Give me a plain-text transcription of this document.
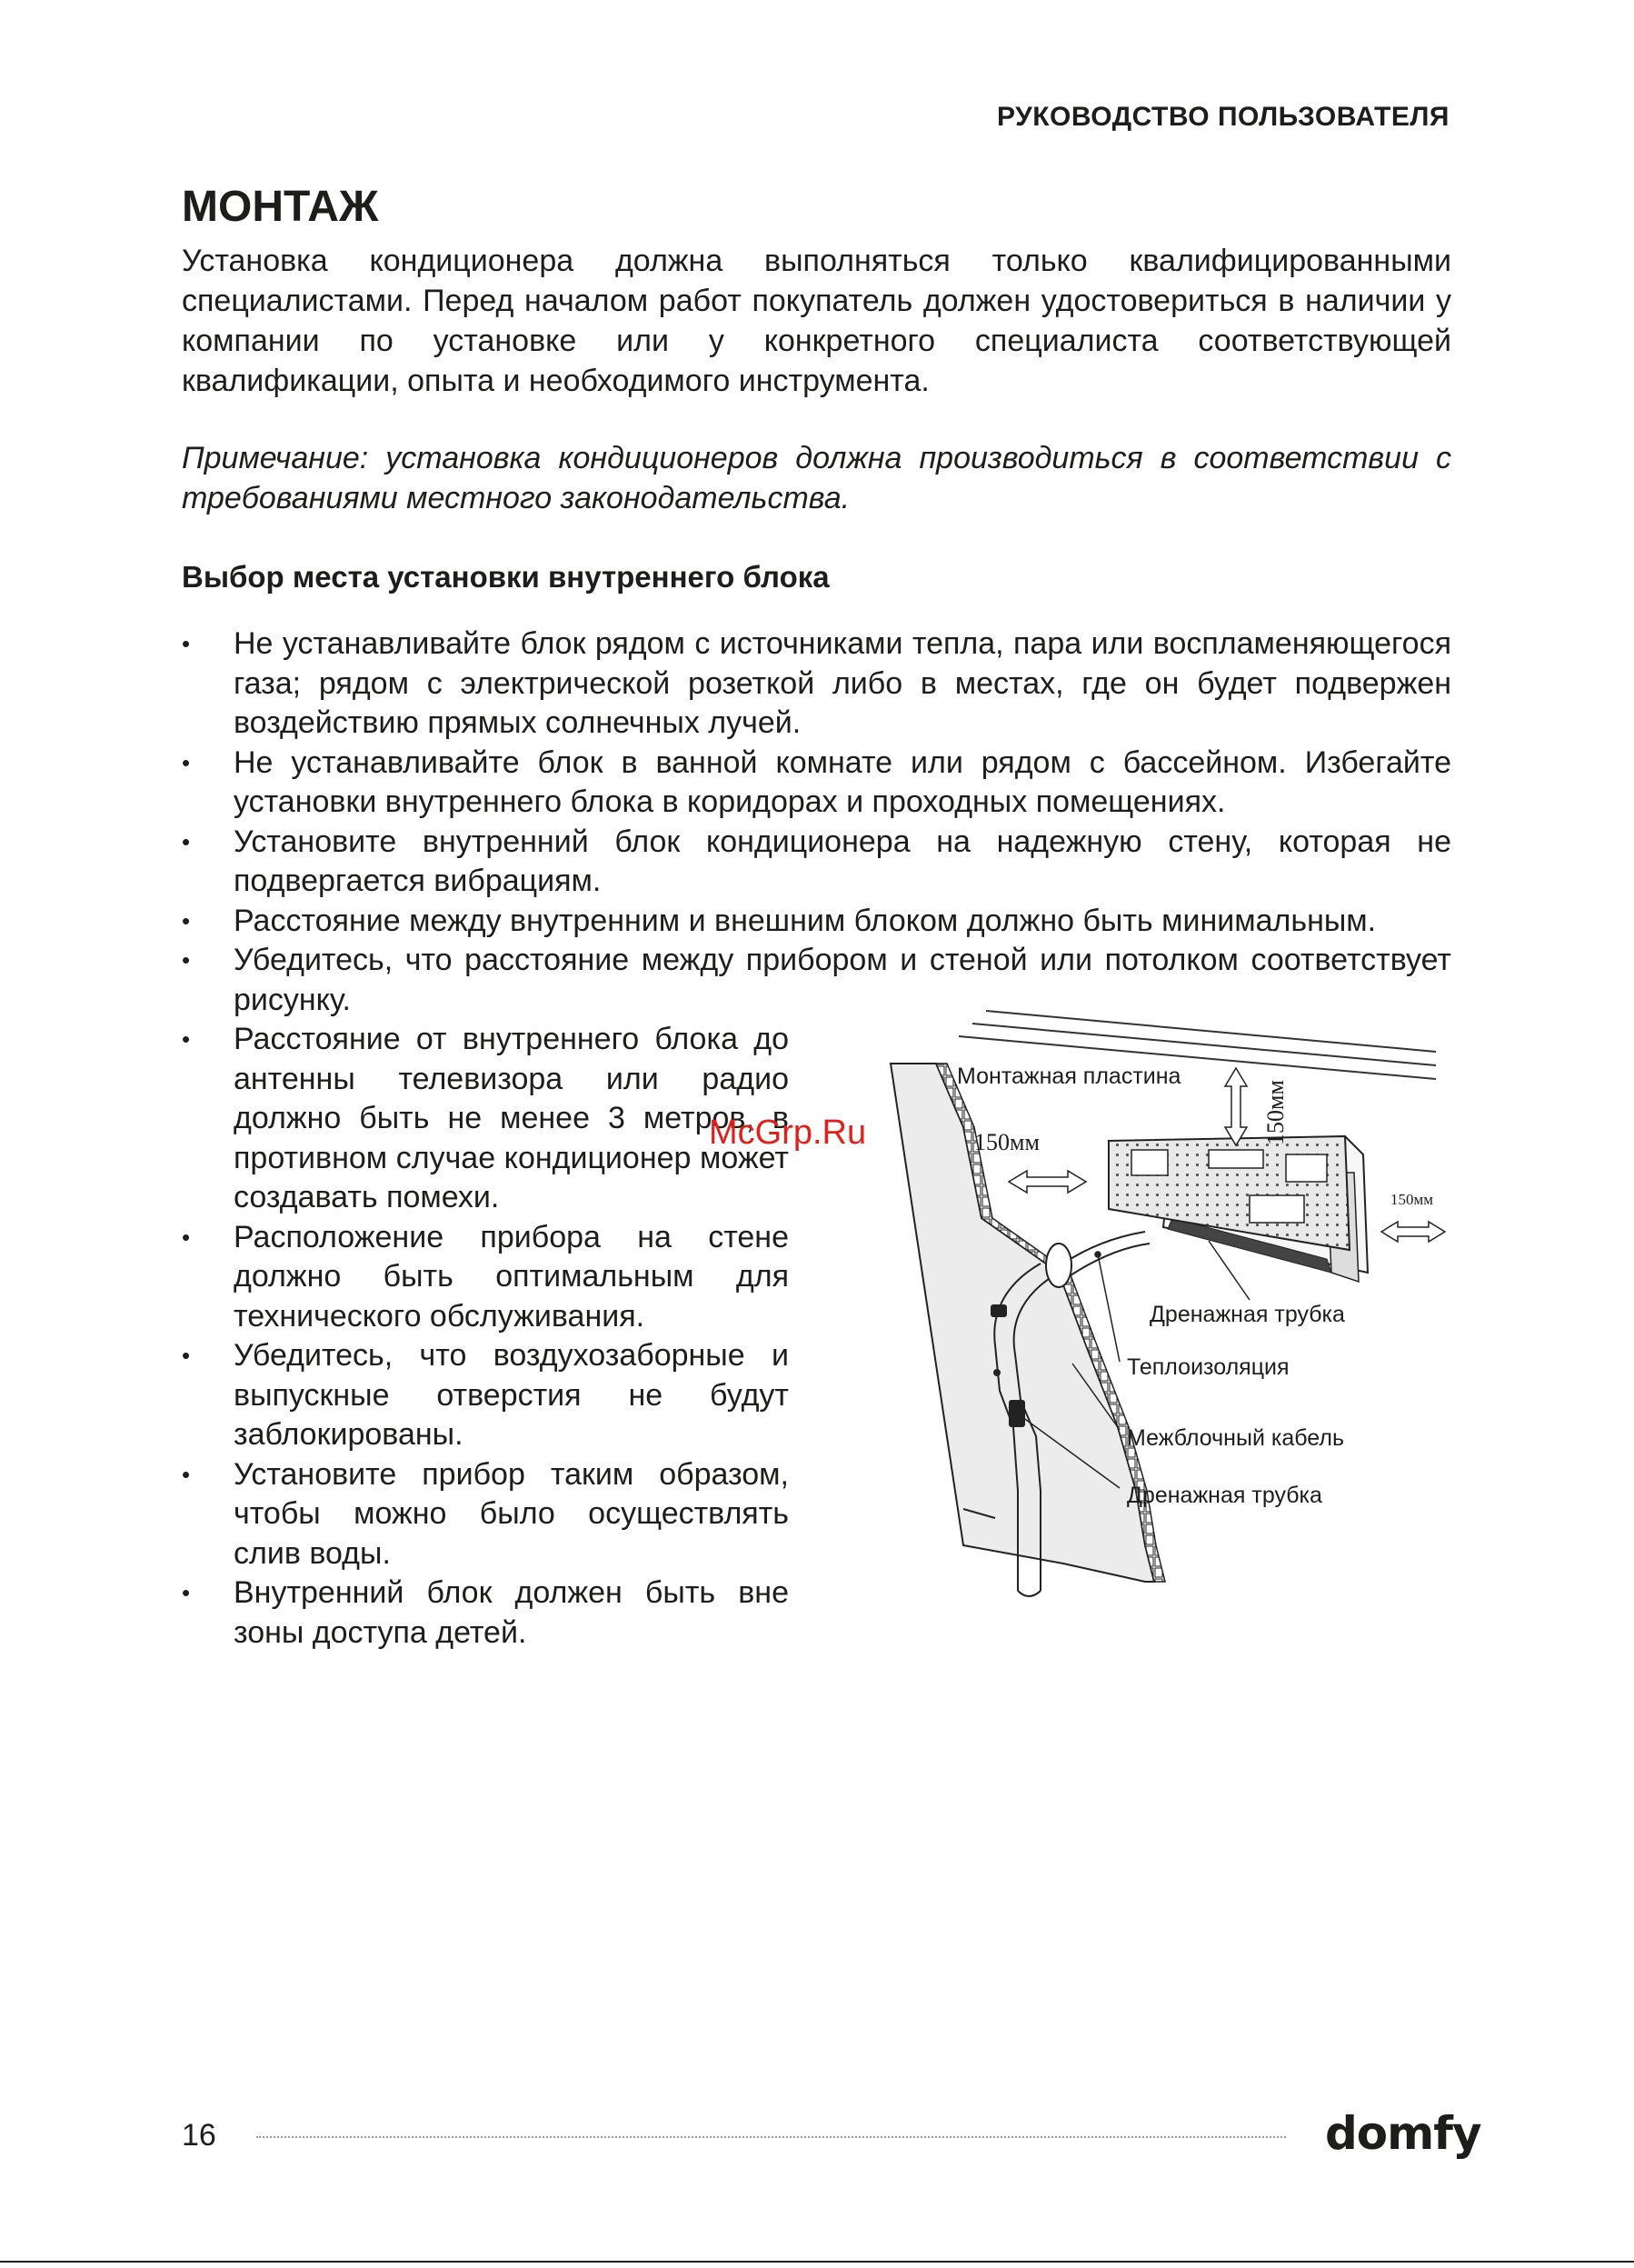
РУКОВОДСТВО ПОЛЬЗОВАТЕЛЯ
МОНТАЖ

Установка кондиционера должна выполняться только квалифицированными специалистами. Перед началом работ покупатель должен удостовериться в наличии у компании по установке или у конкретного специалиста соответствующей квалификации, опыта и необходимого инструмента.

Примечание: установка кондиционеров должна производиться в соответствии с требованиями местного законодательства.

Выбор места установки внутреннего блока
• Не устанавливайте блок рядом с источниками тепла, пара или воспламеняющегося газа; рядом с электрической розеткой либо в местах, где он будет подвержен воздействию прямых солнечных лучей.
• Не устанавливайте блок в ванной комнате или рядом с бассейном. Избегайте установки внутреннего блока в коридорах и проходных помещениях.
• Установите внутренний блок кондиционера на надежную стену, которая не подвергается вибрациям.
• Расстояние между внутренним и внешним блоком должно быть минимальным.
• Убедитесь, что расстояние между прибором и стеной или потолком соответствует рисунку.
• Расстояние от внутреннего блока до антенны телевизора или радио должно быть не менее 3 метров, в противном случае кондиционер может создавать помехи.
• Расположение прибора на стене должно быть оптимальным для технического обслуживания.
• Убедитесь, что воздухозаборные и выпускные отверстия не будут заблокированы.
• Установите прибор таким образом, чтобы можно было осуществлять слив воды.
• Внутренний блок должен быть вне зоны доступа детей.
Монтажная пластина
150мм
150мм
150мм
Дренажная трубка
Теплоизоляция
Межблочный кабель
Дренажная трубка
McGrp.Ru
16	domfy
